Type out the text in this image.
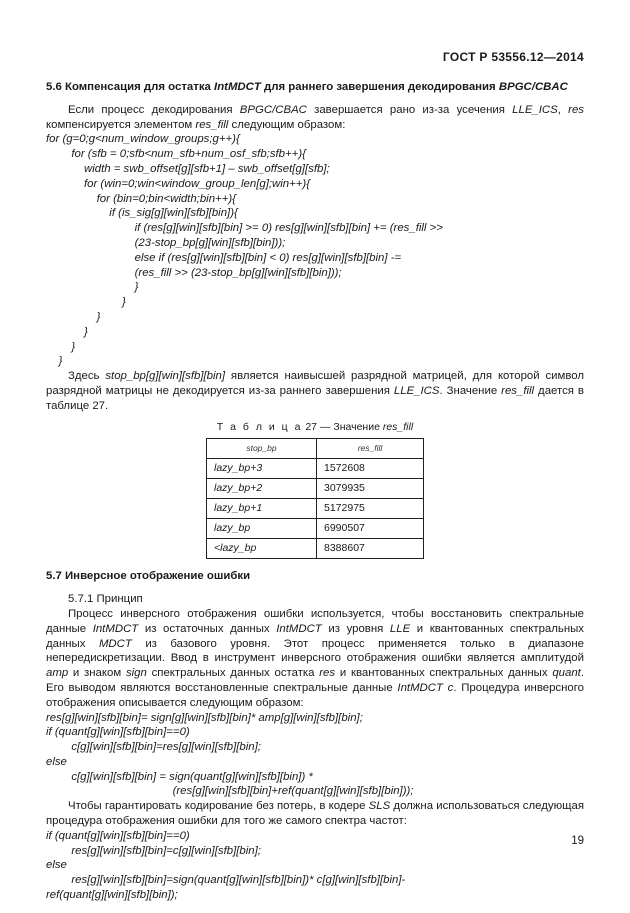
ГОСТ Р 53556.12—2014

5.6 Компенсация для остатка IntMDCT для раннего завершения декодирования BPGC/CBAC

Если процесс декодирования BPGC/CBAC завершается рано из-за усечения LLE_ICS, res компенсируется элементом res_fill следующим образом:

for (g=0;g<num_window_groups;g++){

for (sfb = 0;sfb<num_sfb+num_osf_sfb;sfb++){

width = swb_offset[g][sfb+1] – swb_offset[g][sfb];

for (win=0;win<window_group_len[g];win++){

for (bin=0;bin<width;bin++){

if (is_sig[g][win][sfb][bin]){

if (res[g][win][sfb][bin] >= 0) res[g][win][sfb][bin] += (res_fill >>

(23-stop_bp[g][win][sfb][bin]));

else if (res[g][win][sfb][bin] < 0) res[g][win][sfb][bin] -=

(res_fill >> (23-stop_bp[g][win][sfb][bin]));

}

}

}

}

}

}

Здесь stop_bp[g][win][sfb][bin] является наивысшей разрядной матрицей, для которой символ разрядной матрицы не декодируется из-за раннего завершения LLE_ICS. Значение res_fill дается в таблице 27.

Т а б л и ц а 27 — Значение res_fill

stop_bp	res_fill
lazy_bp+3	1572608
lazy_bp+2	3079935
lazy_bp+1	5172975
lazy_bp	6990507
<lazy_bp	8388607

5.7 Инверсное отображение ошибки

5.7.1 Принцип

Процесс инверсного отображения ошибки используется, чтобы восстановить спектральные данные IntMDCT из остаточных данных IntMDCT из уровня LLE и квантованных спектральных данных MDCT из базового уровня. Этот процесс применяется только в диапазоне непередискретизации. Ввод в инструмент инверсного отображения ошибки является амплитудой amp и знаком sign спектральных данных остатка res и квантованных спектральных данных quant. Его выводом являются восстановленные спектральные данные IntMDCT c. Процедура инверсного отображения описывается следующим образом:

res[g][win][sfb][bin]= sign[g][win][sfb][bin]* amp[g][win][sfb][bin];

if (quant[g][win][sfb][bin]==0)

c[g][win][sfb][bin]=res[g][win][sfb][bin];

else

c[g][win][sfb][bin] = sign(quant[g][win][sfb][bin]) *

(res[g][win][sfb][bin]+ref(quant[g][win][sfb][bin]));

Чтобы гарантировать кодирование без потерь, в кодере SLS должна использоваться следующая процедура отображения ошибки для того же самого спектра частот:

if (quant[g][win][sfb][bin]==0)

res[g][win][sfb][bin]=c[g][win][sfb][bin];

else

res[g][win][sfb][bin]=sign(quant[g][win][sfb][bin])* c[g][win][sfb][bin]-

ref(quant[g][win][sfb][bin]);

19
